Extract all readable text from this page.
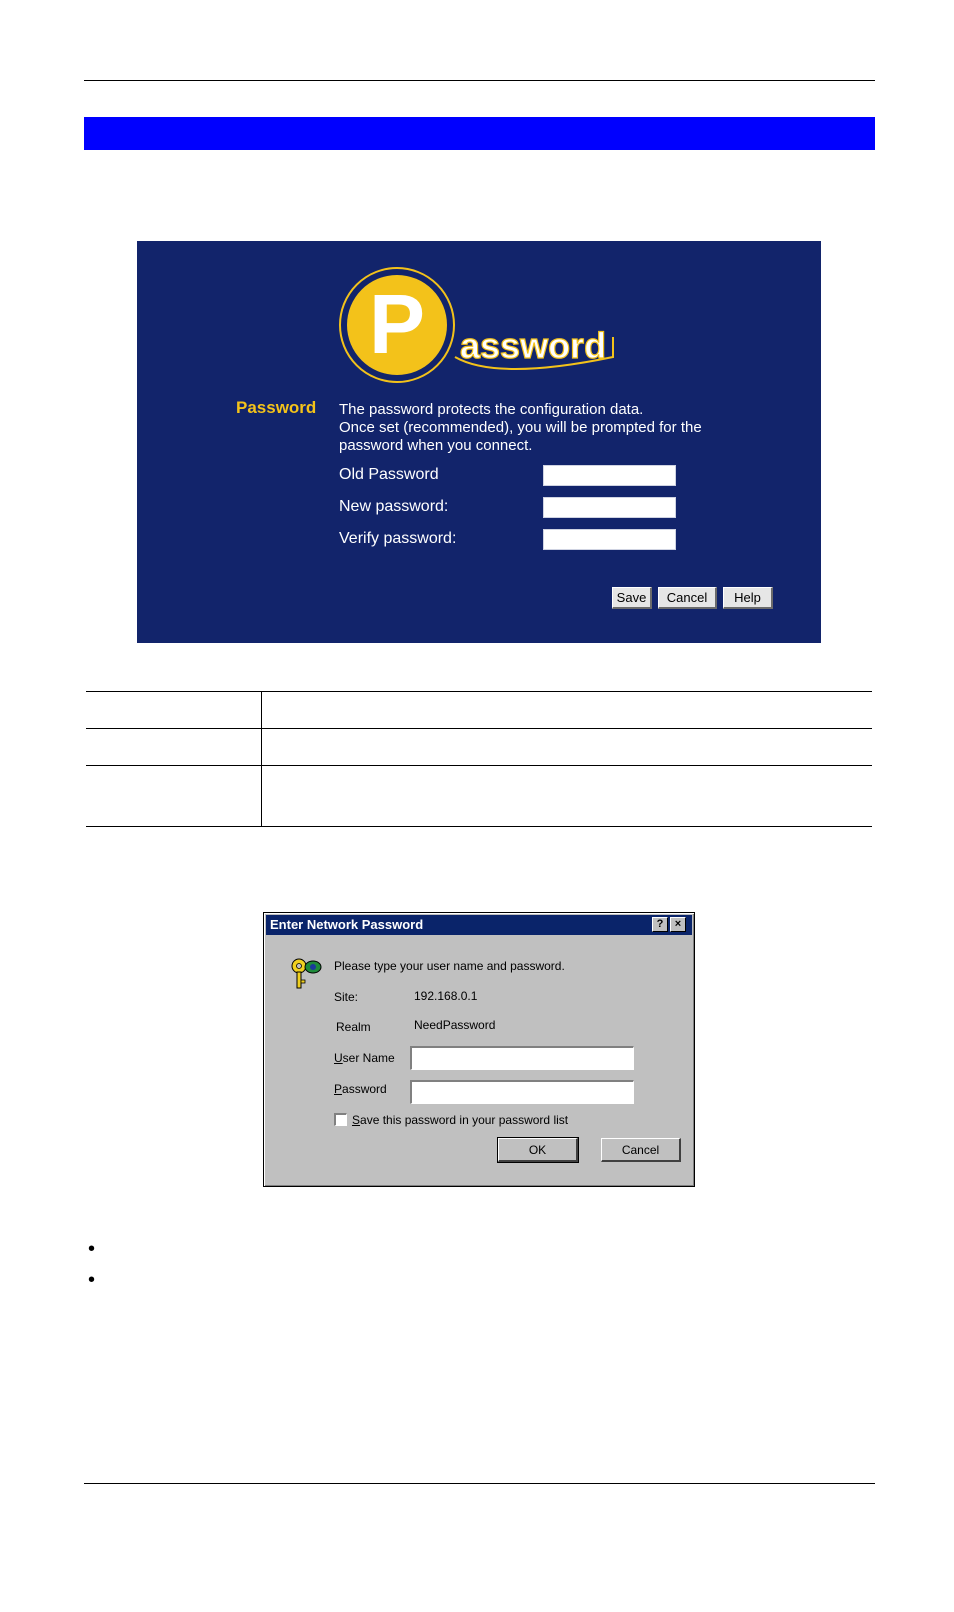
P assword
Password The password protects the configuration data.
Once set (recommended), you will be prompted for the
password when you connect.
Old Password
New password:
Verify password:
Save	Cancel	Help
Enter Network Password	?	×
Please type your user name and password.
Site:	192.168.0.1
Realm	NeedPassword
User Name
Password
Save this password in your password list
OK	Cancel
•
•
